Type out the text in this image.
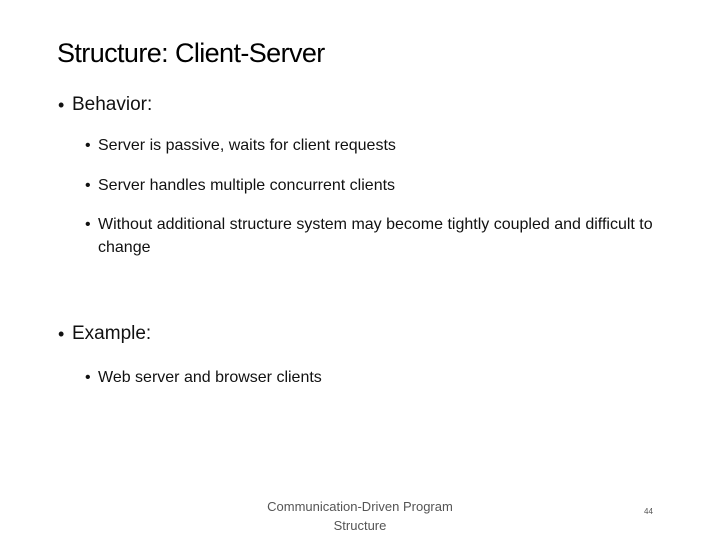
Structure: Client-Server
• Behavior:
• Server is passive, waits for client requests
• Server handles multiple concurrent clients
• Without additional structure system may become tightly coupled and difficult to change
• Example:
• Web server and browser clients
Communication-Driven Program
Structure
44
